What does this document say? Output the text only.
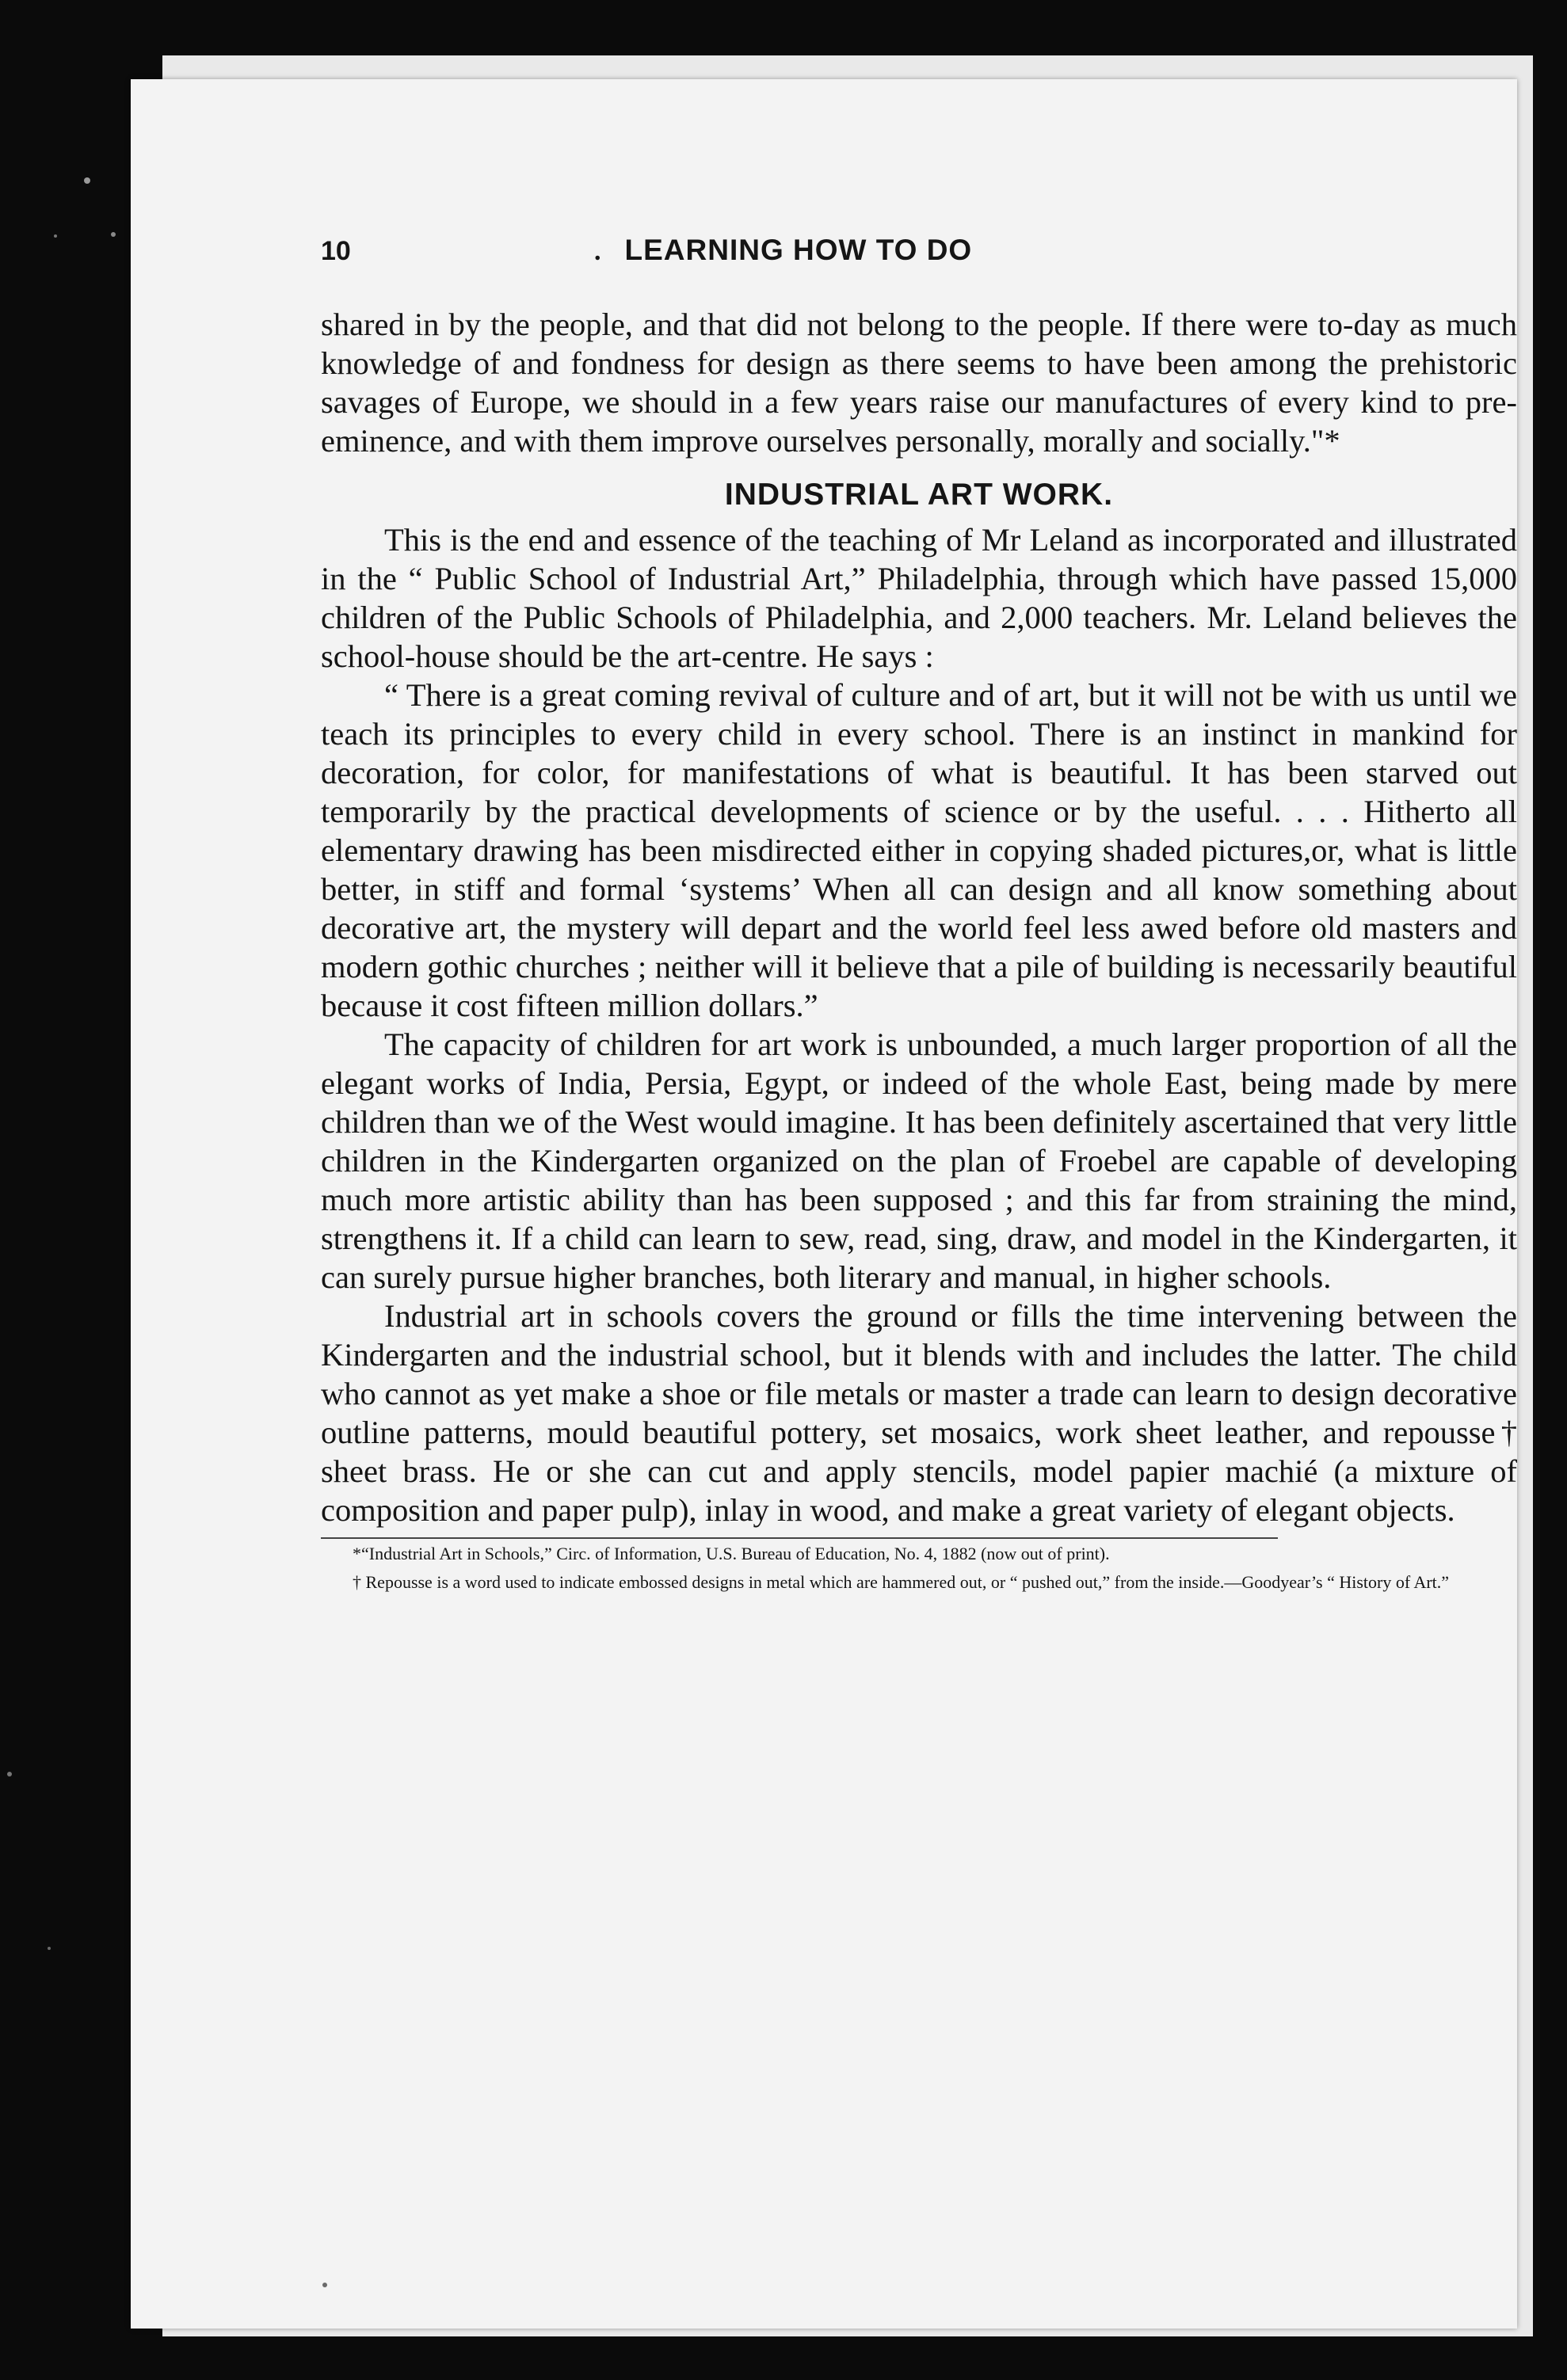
10	. LEARNING HOW TO DO

shared in by the people, and that did not belong to the people. If there were to-day as much knowledge of and fondness for design as there seems to have been among the prehistoric savages of Europe, we should in a few years raise our manufactures of every kind to pre-eminence, and with them improve ourselves personally, morally and socially."*

INDUSTRIAL ART WORK.

This is the end and essence of the teaching of Mr Leland as incorporated and illustrated in the “ Public School of Industrial Art,” Philadelphia, through which have passed 15,000 children of the Public Schools of Philadelphia, and 2,000 teachers. Mr. Leland believes the school-house should be the art-centre. He says :

“ There is a great coming revival of culture and of art, but it will not be with us until we teach its principles to every child in every school. There is an instinct in mankind for decoration, for color, for manifestations of what is beautiful. It has been starved out temporarily by the practical developments of science or by the useful. . . . Hitherto all elementary drawing has been misdirected either in copying shaded pictures,or, what is little better, in stiff and formal ‘systems’ When all can design and all know something about decorative art, the mystery will depart and the world feel less awed before old masters and modern gothic churches ; neither will it believe that a pile of building is necessarily beautiful because it cost fifteen million dollars.”

The capacity of children for art work is unbounded, a much larger proportion of all the elegant works of India, Persia, Egypt, or indeed of the whole East, being made by mere children than we of the West would imagine. It has been definitely ascertained that very little children in the Kindergarten organized on the plan of Froebel are capable of developing much more artistic ability than has been supposed ; and this far from straining the mind, strengthens it. If a child can learn to sew, read, sing, draw, and model in the Kindergarten, it can surely pursue higher branches, both literary and manual, in higher schools.

Industrial art in schools covers the ground or fills the time intervening between the Kindergarten and the industrial school, but it blends with and includes the latter. The child who cannot as yet make a shoe or file metals or master a trade can learn to design decorative outline patterns, mould beautiful pottery, set mosaics, work sheet leather, and repousse† sheet brass. He or she can cut and apply stencils, model papier machié (a mixture of composition and paper pulp), inlay in wood, and make a great variety of elegant objects.

*“Industrial Art in Schools,” Circ. of Information, U.S. Bureau of Education, No. 4, 1882 (now out of print).

† Repousse is a word used to indicate embossed designs in metal which are hammered out, or “ pushed out,” from the inside.—Goodyear’s “ History of Art.”
